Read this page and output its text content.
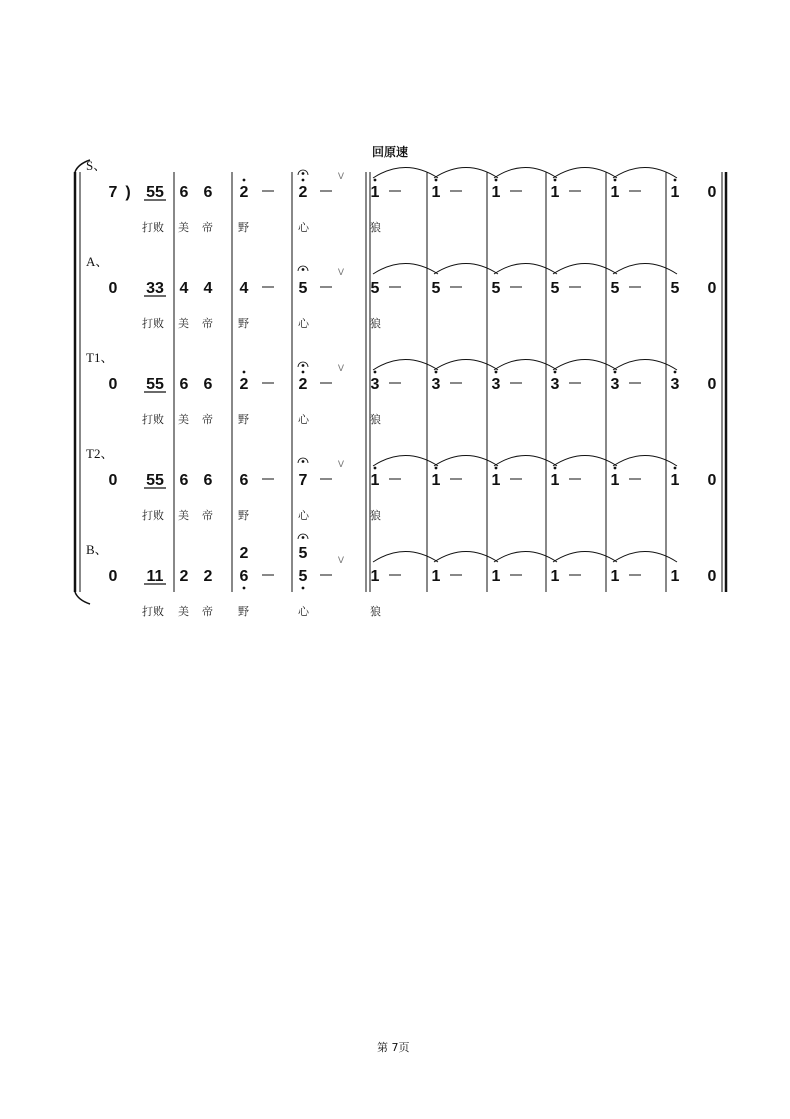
回原速
S、
7 ) 55 6 6 2	2
V
1	1	1	1	1	1 0
打败 美 帝 野	心	狼
A、
0 33 4 4 4	5
V
5	5	5	5	5	5 0
打败 美 帝 野	心	狼
T1、
0 55 6 6 2	2
V
3	3	3	3	3	3 0
打败 美 帝 野	心	狼
T2、
0 55 6 6 6	7
V
1	1	1	1	1	1 0
打败 美 帝 野	心	狼
B、
0 11 2 2 6
2
5
5	V
1	1	1	1	1	1 0
打败 美 帝 野	心	狼
第 7页
